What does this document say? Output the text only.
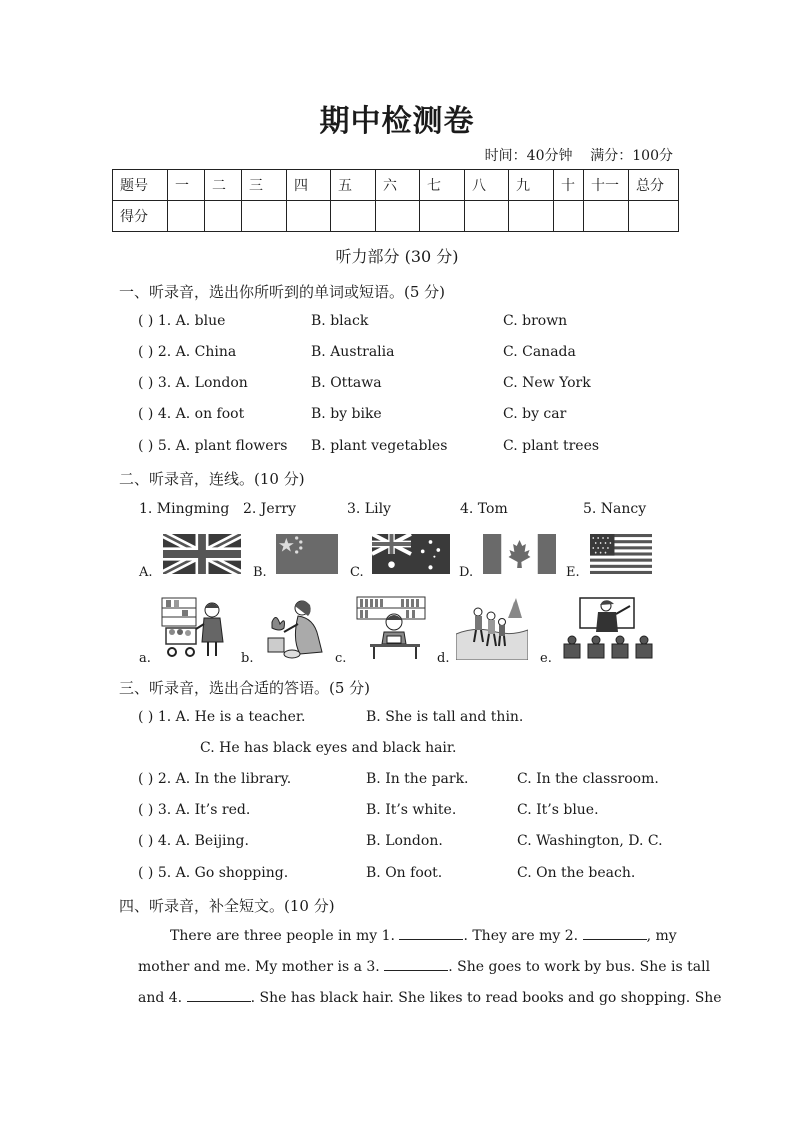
期中检测卷
时间：40分钟    满分：100分
题号	一	二	三	四	五	六	七	八	九	十	十一	总分
得分												
听力部分 (30 分)
一、听录音，选出你所听到的单词或短语。(5 分)
( ) 1. A. blue	B. black	C. brown
( ) 2. A. China	B. Australia	C. Canada
( ) 3. A. London	B. Ottawa	C. New York
( ) 4. A. on foot	B. by bike	C. by car
( ) 5. A. plant flowers B. plant vegetables	C. plant trees
二、听录音，连线。(10 分)
1. Mingming 2. Jerry	3. Lily	4. Tom	5. Nancy
A.	B.	C.	D.	E.
a.	b.	c.	d.	e.
三、听录音，选出合适的答语。(5 分)
( ) 1. A. He is a teacher.	B. She is tall and thin.
C. He has black eyes and black hair.
( ) 2. A. In the library.	B. In the park.	C. In the classroom.
( ) 3. A. It’s red.	B. It’s white.	C. It’s blue.
( ) 4. A. Beijing.	B. London.	C. Washington, D. C.
( ) 5. A. Go shopping.	B. On foot.	C. On the beach.
四、听录音，补全短文。(10 分)
There are three people in my 1.	. They are my 2.	, my
mother and me. My mother is a 3.	. She goes to work by bus. She is tall
and 4.	. She has black hair. She likes to read books and go shopping. She
